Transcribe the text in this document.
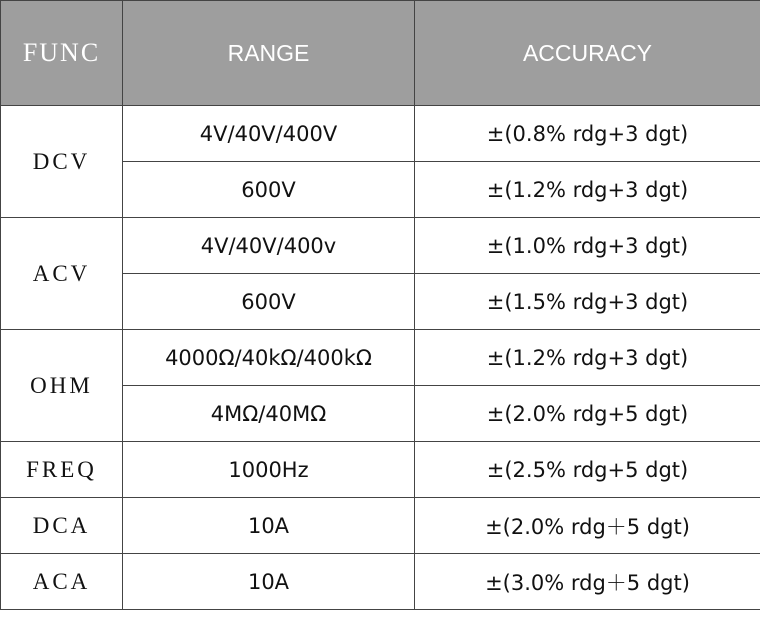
FUNC	RANGE	ACCURACY
DCV	4V/40V/400V	±(0.8% rdg+3 dgt)
	600V	±(1.2% rdg+3 dgt)
ACV	4V/40V/400v	±(1.0% rdg+3 dgt)
	600V	±(1.5% rdg+3 dgt)
OHM	4000Ω/40kΩ/400kΩ	±(1.2% rdg+3 dgt)
	4MΩ/40MΩ	±(2.0% rdg+5 dgt)
FREQ	1000Hz	±(2.5% rdg+5 dgt)
DCA	10A	±(2.0% rdg＋5 dgt)
ACA	10A	±(3.0% rdg＋5 dgt)
